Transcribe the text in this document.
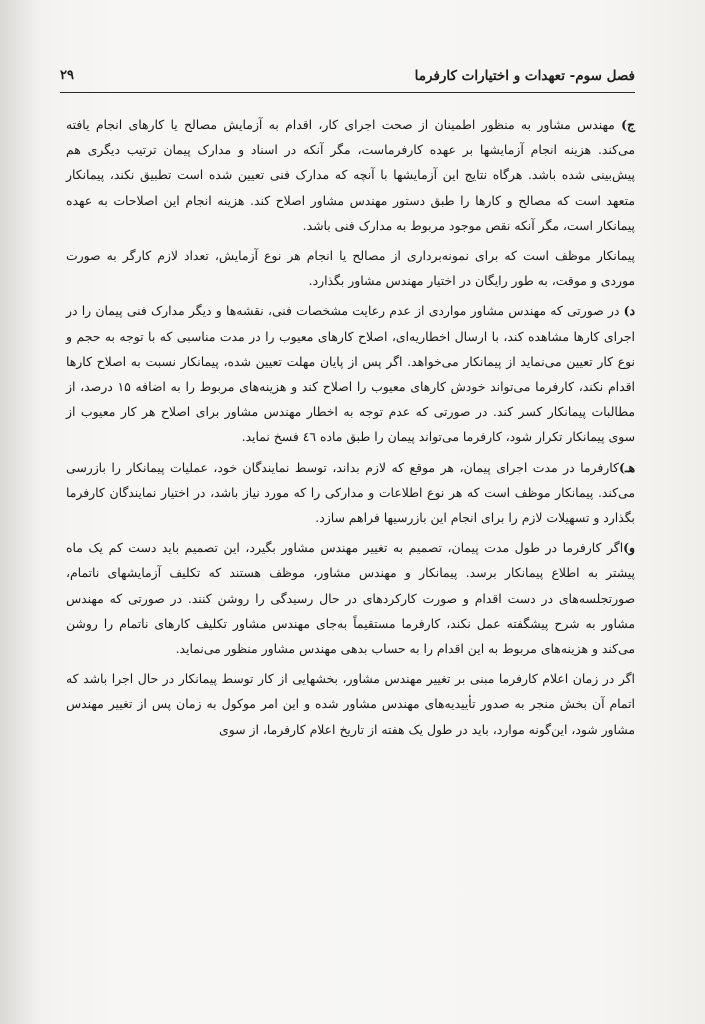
فصل سوم- تعهدات و اختیارات کارفرما
۲۹

ج) مهندس مشاور به منظور اطمینان از صحت اجرای کار، اقدام به آزمایش مصالح یا کارهای انجام یافته می‌کند. هزینه انجام آزمایشها بر عهده کارفرماست، مگر آنکه در اسناد و مدارک پیمان ترتیب دیگری هم پیش‌بینی شده باشد. هرگاه نتایج این آزمایشها با آنچه که مدارک فنی تعیین شده است تطبیق نکند، پیمانکار متعهد است که مصالح و کارها را طبق دستور مهندس مشاور اصلاح کند. هزینه انجام این اصلاحات به عهده پیمانکار است، مگر آنکه نقص موجود مربوط به مدارک فنی باشد.

پیمانکار موظف است که برای نمونه‌برداری از مصالح یا انجام هر نوع آزمایش، تعداد لازم کارگر به صورت موردی و موقت، به طور رایگان در اختیار مهندس مشاور بگذارد.

د) در صورتی که مهندس مشاور مواردی از عدم رعایت مشخصات فنی، نقشه‌ها و دیگر مدارک فنی پیمان را در اجرای کارها مشاهده کند، با ارسال اخطاریه‌ای، اصلاح کارهای معیوب را در مدت مناسبی که با توجه به حجم و نوع کار تعیین می‌نماید از پیمانکار می‌خواهد. اگر پس از پایان مهلت تعیین شده، پیمانکار نسبت به اصلاح کارها اقدام نکند، کارفرما می‌تواند خودش کارهای معیوب را اصلاح کند و هزینه‌های مربوط را به اضافه ۱۵ درصد، از مطالبات پیمانکار کسر کند. در صورتی که عدم توجه به اخطار مهندس مشاور برای اصلاح هر کار معیوب از سوی پیمانکار تکرار شود، کارفرما می‌تواند پیمان را طبق ماده ٤٦ فسخ نماید.

هـ)کارفرما در مدت اجرای پیمان، هر موقع که لازم بداند، توسط نمایندگان خود، عملیات پیمانکار را بازرسی می‌کند. پیمانکار موظف است که هر نوع اطلاعات و مدارکی را که مورد نیاز باشد، در اختیار نمایندگان کارفرما بگذارد و تسهیلات لازم را برای انجام این بازرسیها فراهم سازد.

و)اگر کارفرما در طول مدت پیمان، تصمیم به تغییر مهندس مشاور بگیرد، این تصمیم باید دست کم یک ماه پیشتر به اطلاع پیمانکار برسد. پیمانکار و مهندس مشاور، موظف هستند که تکلیف آزمایشهای ناتمام، صورتجلسه‌های در دست اقدام و صورت کارکردهای در حال رسیدگی را روشن کنند. در صورتی که مهندس مشاور به شرح پیشگفته عمل نکند، کارفرما مستقیماً به‌جای مهندس مشاور تکلیف کارهای ناتمام را روشن می‌کند و هزینه‌های مربوط به این اقدام را به حساب بدهی مهندس مشاور منظور می‌نماید.

اگر در زمان اعلام کارفرما مبنی بر تغییر مهندس مشاور، بخشهایی از کار توسط پیمانکار در حال اجرا باشد که اتمام آن بخش منجر به صدور تأییدیه‌های مهندس مشاور شده و این امر موکول به زمان پس از تغییر مهندس مشاور شود، این‌گونه موارد، باید در طول یک هفته از تاریخ اعلام کارفرما، از سوی
